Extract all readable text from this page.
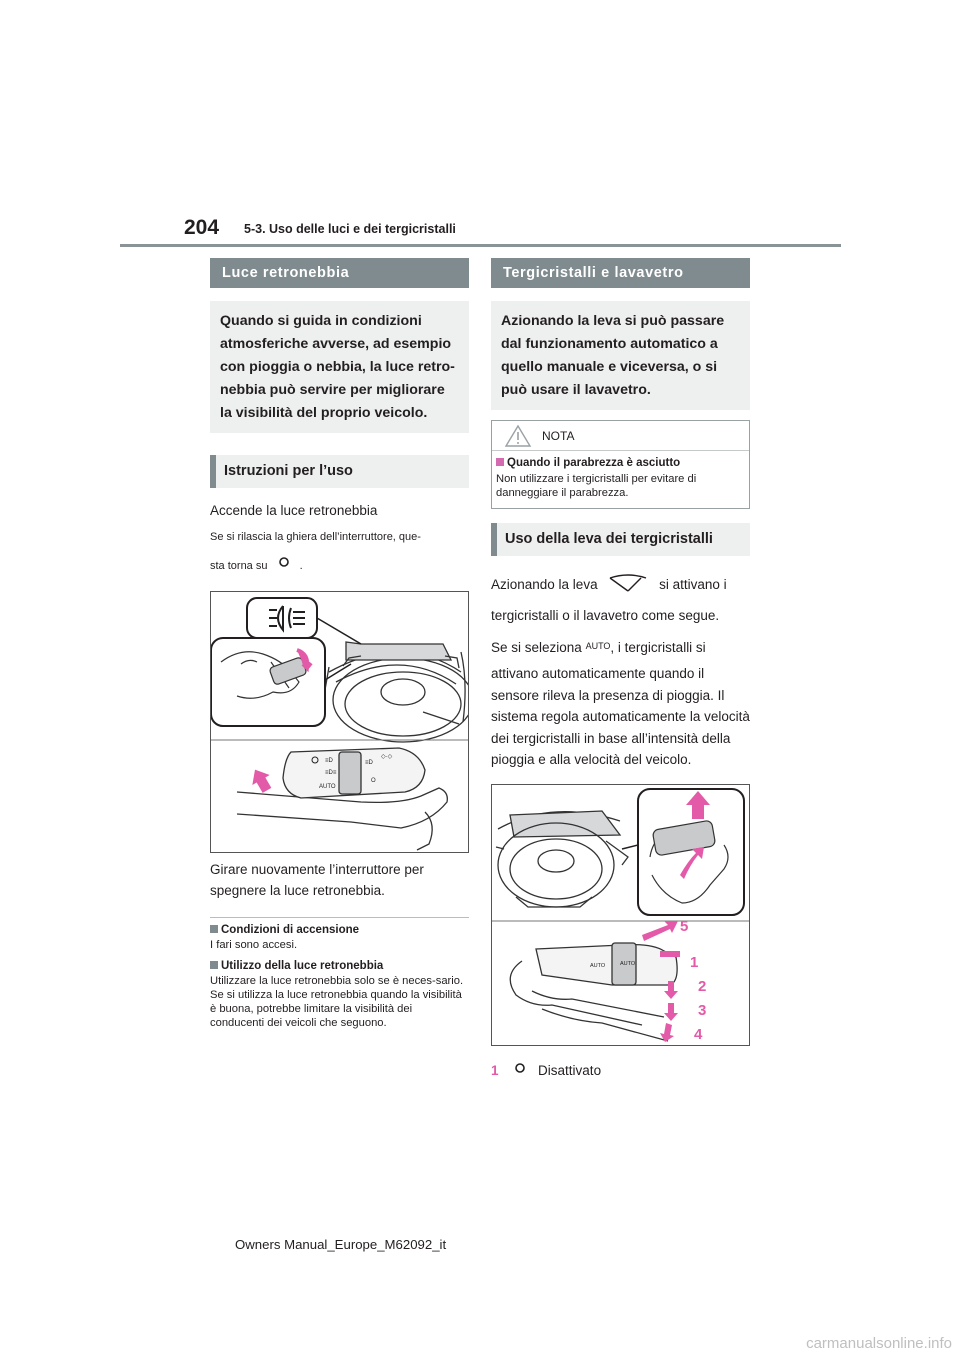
204 5-3. Uso delle luci e dei tergicristalli
Luce retronebbia
Quando si guida in condizioni atmosferiche avverse, ad esempio con pioggia o nebbia, la luce retro-nebbia può servire per migliorare la visibilità del proprio veicolo.
Istruzioni per l’uso
Accende la luce retronebbia
Se si rilascia la ghiera dell’interruttore, que-
sta torna su	.
≡D
≡D≡
AUTO
≡D
◇·◇
O
Girare nuovamente l’interruttore per spegnere la luce retronebbia.
Condizioni di accensione
I fari sono accesi.
Utilizzo della luce retronebbia
Utilizzare la luce retronebbia solo se è neces-sario. Se si utilizza la luce retronebbia quando la visibilità è buona, potrebbe limitare la visibilità dei conducenti dei veicoli che seguono.
Tergicristalli e lavavetro
Azionando la leva si può passare dal funzionamento automatico a quello manuale e viceversa, o si può usare il lavavetro.
NOTA
Quando il parabrezza è asciutto
Non utilizzare i tergicristalli per evitare di danneggiare il parabrezza.
Uso della leva dei tergicristalli
Azionando la leva	si attivano i
tergicristalli o il lavavetro come segue.
Se si seleziona $^{AUTO}$, i tergicristalli si
attivano automaticamente quando il sensore rileva la presenza di pioggia. Il sistema regola automaticamente la velocità dei tergicristalli in base all’intensità della pioggia e alla velocità del veicolo.
AUTO	AUTO
5
1
2
3
4
1	Disattivato
Owners Manual_Europe_M62092_it
carmanualsonline.info
